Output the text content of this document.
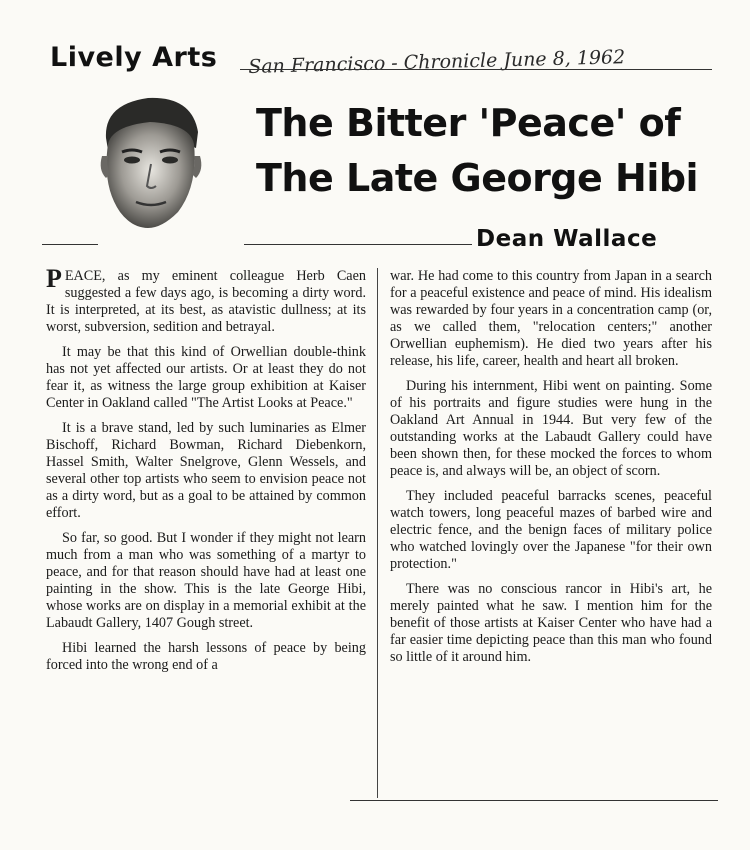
Lively Arts San Francisco - Chronicle June 8, 1962
The Bitter 'Peace' of
The Late George Hibi
Dean Wallace

PEACE, as my eminent colleague Herb Caen suggested a few days ago, is becoming a dirty word. It is interpreted, at its best, as atavistic dullness; at its worst, subversion, sedition and betrayal.

It may be that this kind of Orwellian double-think has not yet affected our artists. Or at least they do not fear it, as witness the large group exhibition at Kaiser Center in Oakland called "The Artist Looks at Peace."

It is a brave stand, led by such luminaries as Elmer Bischoff, Richard Bowman, Richard Diebenkorn, Hassel Smith, Walter Snelgrove, Glenn Wessels, and several other top artists who seem to envision peace not as a dirty word, but as a goal to be attained by common effort.

So far, so good. But I wonder if they might not learn much from a man who was something of a martyr to peace, and for that reason should have had at least one painting in the show. This is the late George Hibi, whose works are on display in a memorial exhibit at the Labaudt Gallery, 1407 Gough street.

Hibi learned the harsh lessons of peace by being forced into the wrong end of a

war. He had come to this country from Japan in a search for a peaceful existence and peace of mind. His idealism was rewarded by four years in a concentration camp (or, as we called them, "relocation centers;" another Orwellian euphemism). He died two years after his release, his life, career, health and heart all broken.

During his internment, Hibi went on painting. Some of his portraits and figure studies were hung in the Oakland Art Annual in 1944. But very few of the outstanding works at the Labaudt Gallery could have been shown then, for these mocked the forces to whom peace is, and always will be, an object of scorn.

They included peaceful barracks scenes, peaceful watch towers, long peaceful mazes of barbed wire and electric fence, and the benign faces of military police who watched lovingly over the Japanese "for their own protection."

There was no conscious rancor in Hibi's art, he merely painted what he saw. I mention him for the benefit of those artists at Kaiser Center who have had a far easier time depicting peace than this man who found so little of it around him.
